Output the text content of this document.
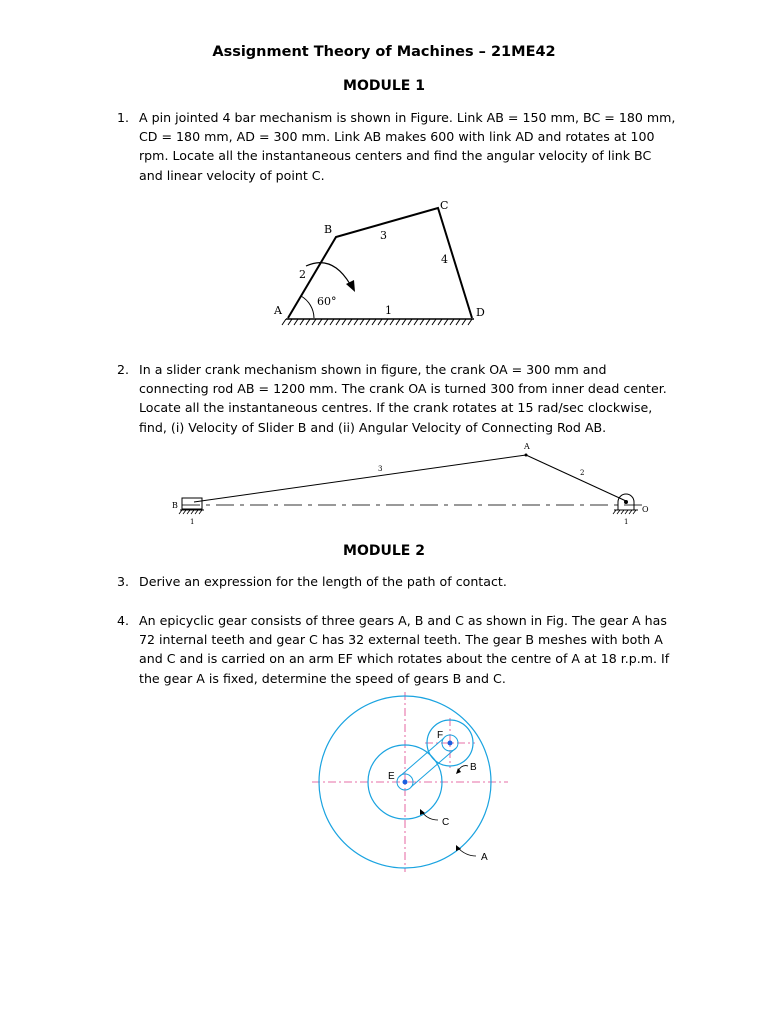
Assignment Theory of Machines – 21ME42
MODULE 1
1. A pin jointed 4 bar mechanism is shown in Figure. Link AB = 150 mm, BC = 180 mm, CD = 180 mm, AD = 300 mm. Link AB makes 600 with link AD and rotates at 100 rpm. Locate all the instantaneous centers and find the angular velocity of link BC and linear velocity of point C.
A
B
C
D
1
2
3
4
60°
2. In a slider crank mechanism shown in figure, the crank OA = 300 mm and connecting rod AB = 1200 mm. The crank OA is turned 300 from inner dead center. Locate all the instantaneous centres. If the crank rotates at 15 rad/sec clockwise, find, (i) Velocity of Slider B and (ii) Angular Velocity of Connecting Rod AB.
B
A
O
3	2
1	1
MODULE 2
3. Derive an expression for the length of the path of contact.
4. An epicyclic gear consists of three gears A, B and C as shown in Fig. The gear A has 72 internal teeth and gear C has 32 external teeth. The gear B meshes with both A and C and is carried on an arm EF which rotates about the centre of A at 18 r.p.m. If the gear A is fixed, determine the speed of gears B and C.
F
E
B
C
A
